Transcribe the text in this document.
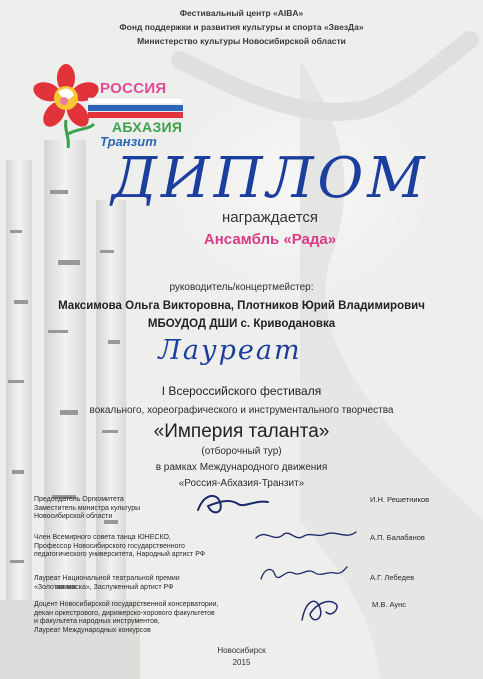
Фестивальный центр «AIBA»
Фонд поддержки и развития культуры и спорта «ЗвезДа»
Министерство культуры Новосибирской области
РОССИЯ
АБХАЗИЯ
Транзит
ДИПЛОМ
награждается
Ансамбль «Рада»
руководитель/концертмейстер:
Максимова Ольга Викторовна, Плотников Юрий Владимирович
МБОУДОД ДШИ с. Криводановка
Лауреат
I Всероссийского фестиваля
вокального, хореографического и инструментального творчества
«Империя таланта»
(отборочный тур)
в рамках Международного движения
«Россия-Абхазия-Транзит»
Председатель Оргкомитета
Заместитель министра культуры
Новосибирской области
И.Н. Решетников
Член Всемирного совета танца ЮНЕСКО,
Профессор Новосибирского государственного
педагогического университета, Народный артист РФ
А.П. Балабанов
Лауреат Национальной театральной премии
«Золотая маска», Заслуженный артист РФ
А.Г. Лебедев
Доцент Новосибирской государственной консерватории,
декан оркестрового, дирижерско-хорового факультетов
и факультета народных инструментов,
Лауреат Международных конкурсов
М.В. Аунс
Новосибирск
2015
